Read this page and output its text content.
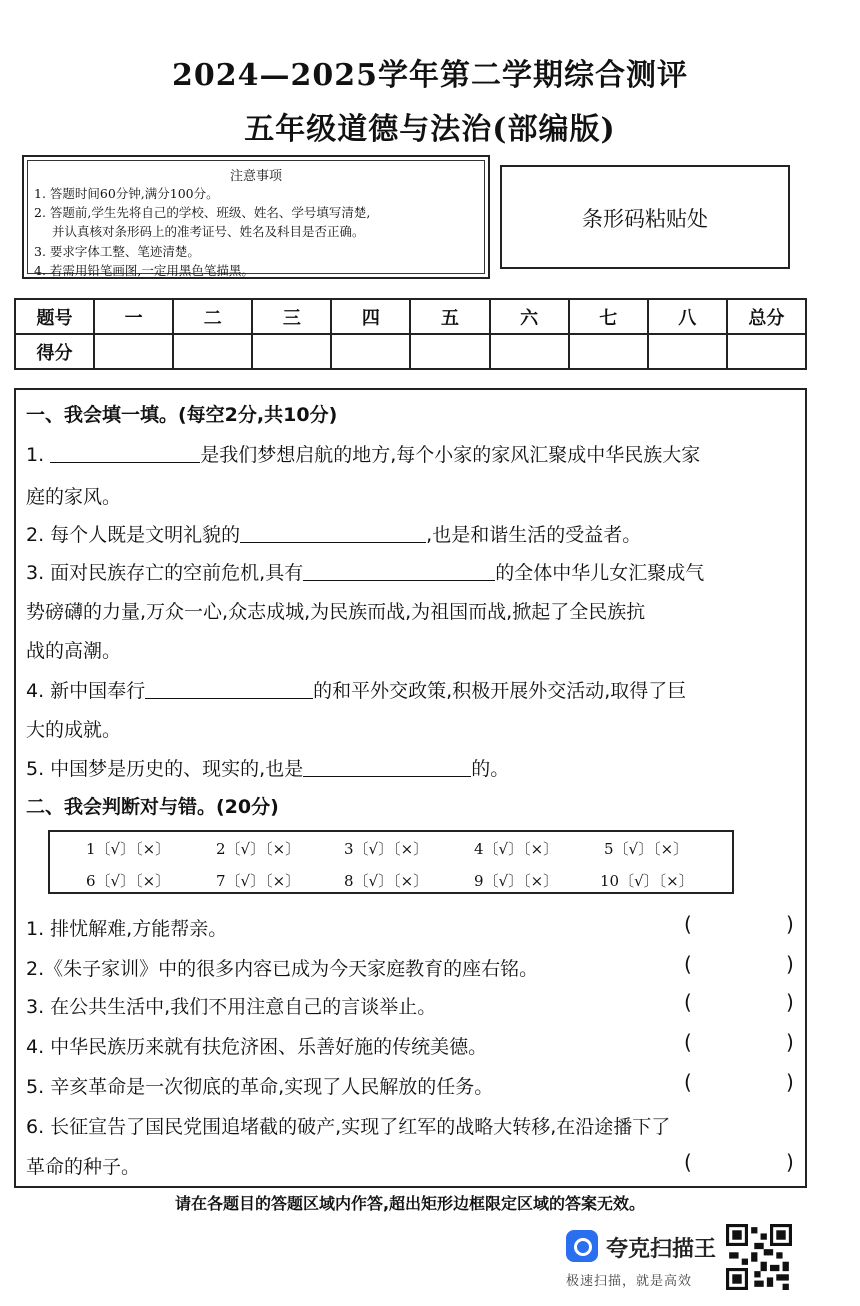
2024—2025学年第二学期综合测评
五年级道德与法治(部编版)
注意事项
1. 答题时间60分钟,满分100分。
2. 答题前,学生先将自己的学校、班级、姓名、学号填写清楚,
并认真核对条形码上的准考证号、姓名及科目是否正确。
3. 要求字体工整、笔迹清楚。
4. 若需用铅笔画图,一定用黑色笔描黑。
条形码粘贴处
题号	一	二	三	四	五	六	七	八	总分
得分									
一、我会填一填。(每空2分,共10分)
1.	是我们梦想启航的地方,每个小家的家风汇聚成中华民族大家
庭的家风。
2. 每个人既是文明礼貌的	,也是和谐生活的受益者。
3. 面对民族存亡的空前危机,具有	的全体中华儿女汇聚成气
势磅礴的力量,万众一心,众志成城,为民族而战,为祖国而战,掀起了全民族抗
战的高潮。
4. 新中国奉行	的和平外交政策,积极开展外交活动,取得了巨
大的成就。
5. 中国梦是历史的、现实的,也是	的。
二、我会判断对与错。(20分)
1〔√〕〔×〕	2〔√〕〔×〕	3〔√〕〔×〕	4〔√〕〔×〕	5〔√〕〔×〕
6〔√〕〔×〕	7〔√〕〔×〕	8〔√〕〔×〕	9〔√〕〔×〕	10〔√〕〔×〕
1. 排忧解难,方能帮亲。	(	)
2.《朱子家训》中的很多内容已成为今天家庭教育的座右铭。	(	)
3. 在公共生活中,我们不用注意自己的言谈举止。	(	)
4. 中华民族历来就有扶危济困、乐善好施的传统美德。	(	)
5. 辛亥革命是一次彻底的革命,实现了人民解放的任务。	(	)
6. 长征宣告了国民党围追堵截的破产,实现了红军的战略大转移,在沿途播下了
革命的种子。	(	)
请在各题目的答题区域内作答,超出矩形边框限定区域的答案无效。
夸克扫描王
极速扫描，就是高效
